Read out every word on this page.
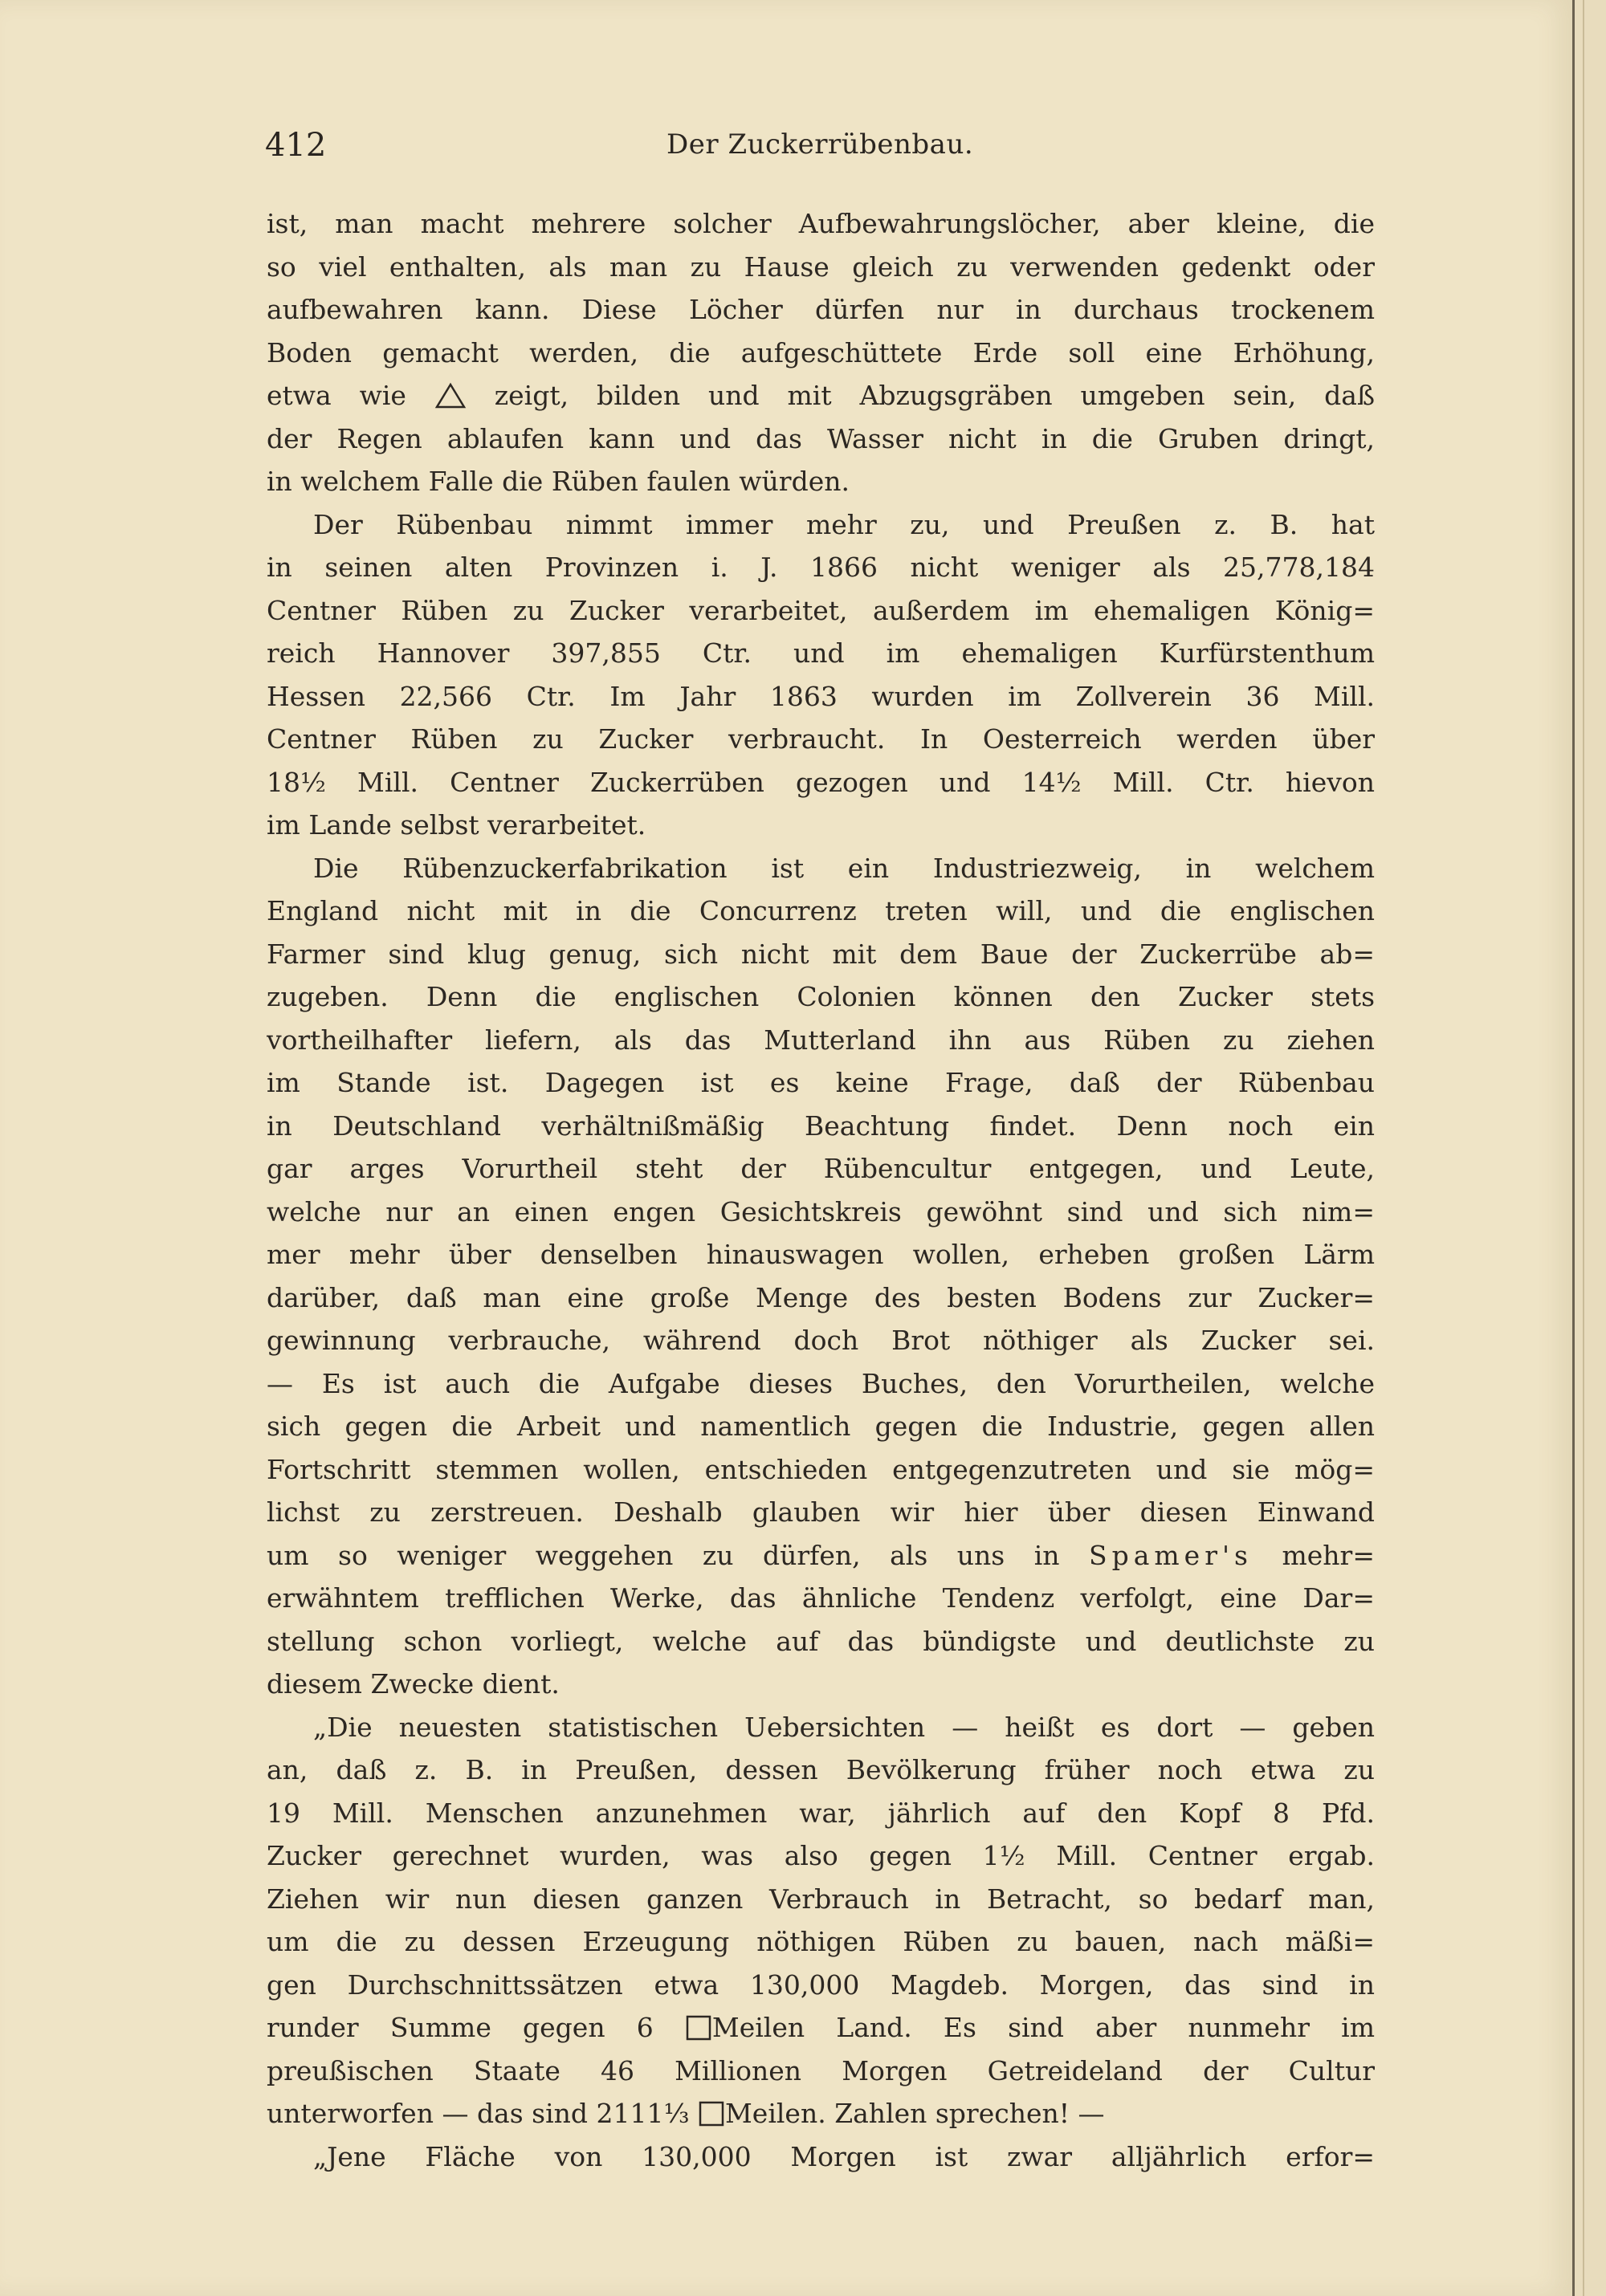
412	Der Zuckerrübenbau.
ist, man macht mehrere solcher Aufbewahrungslöcher, aber kleine, die
so viel enthalten, als man zu Hause gleich zu verwenden gedenkt oder
aufbewahren kann. Diese Löcher dürfen nur in durchaus trockenem
Boden gemacht werden, die aufgeschüttete Erde soll eine Erhöhung,
etwa wie	zeigt, bilden und mit Abzugsgräben umgeben sein, daß
der Regen ablaufen kann und das Wasser nicht in die Gruben dringt,
in welchem Falle die Rüben faulen würden.
Der Rübenbau nimmt immer mehr zu, und Preußen z. B. hat
in seinen alten Provinzen i. J. 1866 nicht weniger als 25,778,184
Centner Rüben zu Zucker verarbeitet, außerdem im ehemaligen König=
reich Hannover 397,855 Ctr. und im ehemaligen Kurfürstenthum
Hessen 22,566 Ctr. Im Jahr 1863 wurden im Zollverein 36 Mill.
Centner Rüben zu Zucker verbraucht. In Oesterreich werden über
18½ Mill. Centner Zuckerrüben gezogen und 14½ Mill. Ctr. hievon
im Lande selbst verarbeitet.
Die Rübenzuckerfabrikation ist ein Industriezweig, in welchem
England nicht mit in die Concurrenz treten will, und die englischen
Farmer sind klug genug, sich nicht mit dem Baue der Zuckerrübe ab=
zugeben. Denn die englischen Colonien können den Zucker stets
vortheilhafter liefern, als das Mutterland ihn aus Rüben zu ziehen
im Stande ist. Dagegen ist es keine Frage, daß der Rübenbau
in Deutschland verhältnißmäßig Beachtung findet. Denn noch ein
gar arges Vorurtheil steht der Rübencultur entgegen, und Leute,
welche nur an einen engen Gesichtskreis gewöhnt sind und sich nim=
mer mehr über denselben hinauswagen wollen, erheben großen Lärm
darüber, daß man eine große Menge des besten Bodens zur Zucker=
gewinnung verbrauche, während doch Brot nöthiger als Zucker sei.
— Es ist auch die Aufgabe dieses Buches, den Vorurtheilen, welche
sich gegen die Arbeit und namentlich gegen die Industrie, gegen allen
Fortschritt stemmen wollen, entschieden entgegenzutreten und sie mög=
lichst zu zerstreuen. Deshalb glauben wir hier über diesen Einwand
um so weniger weggehen zu dürfen, als uns in Spamer's mehr=
erwähntem trefflichen Werke, das ähnliche Tendenz verfolgt, eine Dar=
stellung schon vorliegt, welche auf das bündigste und deutlichste zu
diesem Zwecke dient.
„Die neuesten statistischen Uebersichten — heißt es dort — geben
an, daß z. B. in Preußen, dessen Bevölkerung früher noch etwa zu
19 Mill. Menschen anzunehmen war, jährlich auf den Kopf 8 Pfd.
Zucker gerechnet wurden, was also gegen 1½ Mill. Centner ergab.
Ziehen wir nun diesen ganzen Verbrauch in Betracht, so bedarf man,
um die zu dessen Erzeugung nöthigen Rüben zu bauen, nach mäßi=
gen Durchschnittssätzen etwa 130,000 Magdeb. Morgen, das sind in
runder Summe gegen 6 Meilen Land. Es sind aber nunmehr im
preußischen Staate 46 Millionen Morgen Getreideland der Cultur
unterworfen — das sind 2111⅓ Meilen. Zahlen sprechen! —
„Jene Fläche von 130,000 Morgen ist zwar alljährlich erfor=
